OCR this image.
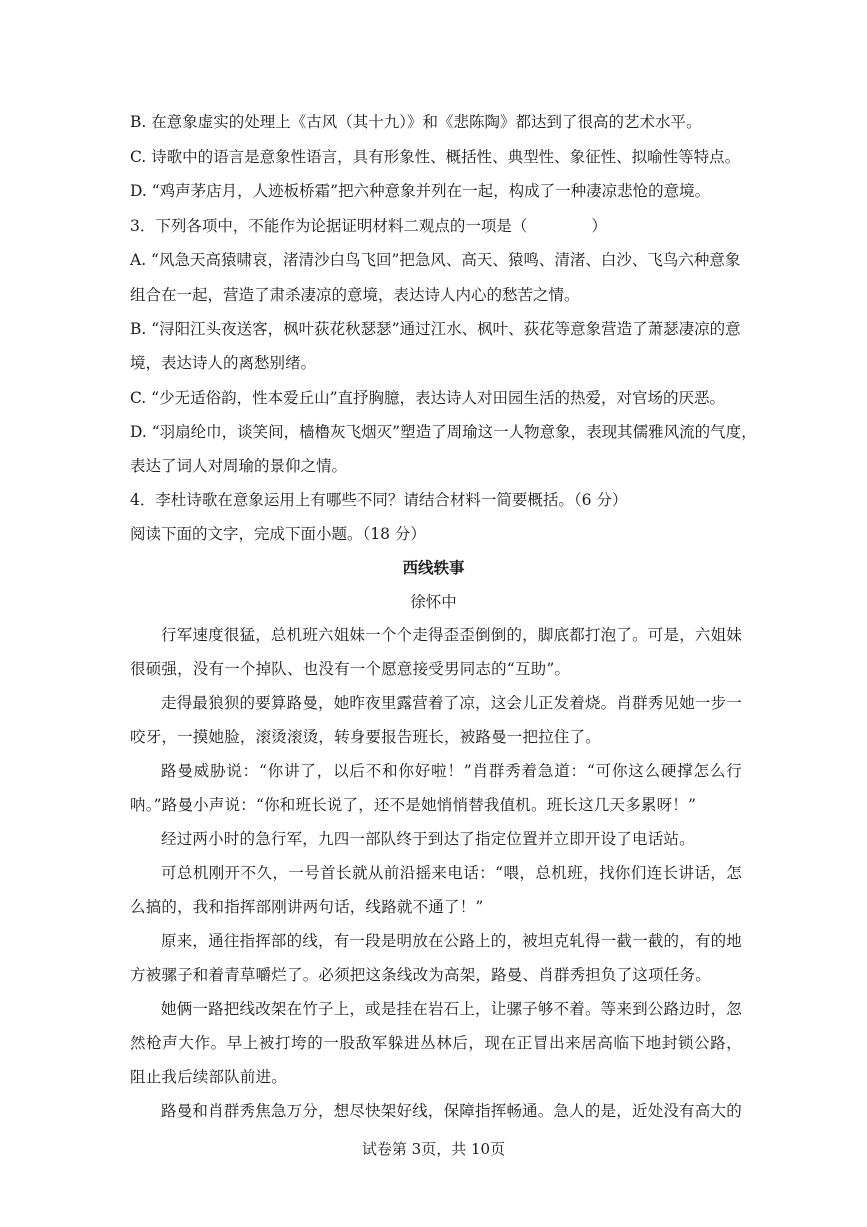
B. 在意象虚实的处理上《古风（其十九）》和《悲陈陶》都达到了很高的艺术水平。
C. 诗歌中的语言是意象性语言，具有形象性、概括性、典型性、象征性、拟喻性等特点。
D. “鸡声茅店月，人迹板桥霜”把六种意象并列在一起，构成了一种凄凉悲怆的意境。
3．下列各项中，不能作为论据证明材料二观点的一项是（	）
A. “风急天高猿啸哀，渚清沙白鸟飞回”把急风、高天、猿鸣、清渚、白沙、飞鸟六种意象
组合在一起，营造了肃杀凄凉的意境，表达诗人内心的愁苦之情。
B. “浔阳江头夜送客，枫叶荻花秋瑟瑟”通过江水、枫叶、荻花等意象营造了萧瑟凄凉的意
境，表达诗人的离愁别绪。
C. “少无适俗韵，性本爱丘山”直抒胸臆，表达诗人对田园生活的热爱，对官场的厌恶。
D. “羽扇纶巾，谈笑间，樯橹灰飞烟灭”塑造了周瑜这一人物意象，表现其儒雅风流的气度，
表达了词人对周瑜的景仰之情。
4．李杜诗歌在意象运用上有哪些不同？请结合材料一简要概括。（6 分）
阅读下面的文字，完成下面小题。（18 分）
西线轶事
徐怀中
行军速度很猛，总机班六姐妹一个个走得歪歪倒倒的，脚底都打泡了。可是，六姐妹很硕强，没有一个掉队、也没有一个愿意接受男同志的“互助”。
走得最狼狈的要算路曼，她昨夜里露营着了凉，这会儿正发着烧。肖群秀见她一步一咬牙，一摸她脸，滚烫滚烫，转身要报告班长，被路曼一把拉住了。
路曼威胁说：“你讲了，以后不和你好啦！”肖群秀着急道：“可你这么硬撑怎么行呐。”路曼小声说：“你和班长说了，还不是她悄悄替我值机。班长这几天多累呀！”
经过两小时的急行军，九四一部队终于到达了指定位置并立即开设了电话站。
可总机刚开不久，一号首长就从前沿摇来电话：“喂，总机班，找你们连长讲话，怎么搞的，我和指挥部刚讲两句话，线路就不通了！”
原来，通往指挥部的线，有一段是明放在公路上的，被坦克轧得一截一截的，有的地方被骡子和着青草嚼烂了。必须把这条线改为高架，路曼、肖群秀担负了这项任务。
她俩一路把线改架在竹子上，或是挂在岩石上，让骡子够不着。等来到公路边时，忽然枪声大作。早上被打垮的一股敌军躲进丛林后，现在正冒出来居高临下地封锁公路，阻止我后续部队前进。
路曼和肖群秀焦急万分，想尽快架好线，保障指挥畅通。急人的是，近处没有高大的
试卷第 3页，共 10页
